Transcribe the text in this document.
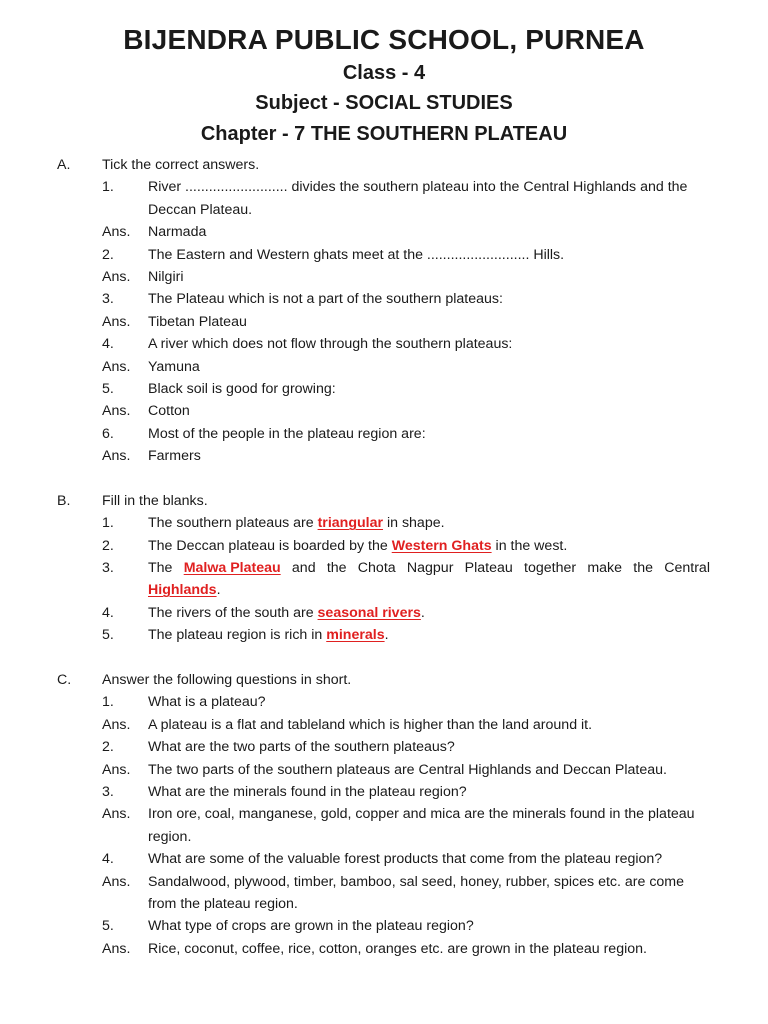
BIJENDRA PUBLIC SCHOOL, PURNEA
Class - 4
Subject - SOCIAL STUDIES
Chapter - 7 THE SOUTHERN PLATEAU
A. Tick the correct answers.
1. River .......................... divides the southern plateau into the Central Highlands and the
Deccan Plateau.
Ans. Narmada
2. The Eastern and Western ghats meet at the .......................... Hills.
Ans. Nilgiri
3. The Plateau which is not a part of the southern plateaus:
Ans. Tibetan Plateau
4. A river which does not flow through the southern plateaus:
Ans. Yamuna
5. Black soil is good for growing:
Ans. Cotton
6. Most of the people in the plateau region are:
Ans. Farmers
B. Fill in the blanks.
1. The southern plateaus are triangular in shape.
2. The Deccan plateau is boarded by the Western Ghats in the west.
3. The Malwa Plateau and the Chota Nagpur Plateau together make the Central
Highlands.
4. The rivers of the south are seasonal rivers.
5. The plateau region is rich in minerals.
C. Answer the following questions in short.
1. What is a plateau?
Ans. A plateau is a flat and tableland which is higher than the land around it.
2. What are the two parts of the southern plateaus?
Ans. The two parts of the southern plateaus are Central Highlands and Deccan Plateau.
3. What are the minerals found in the plateau region?
Ans. Iron ore, coal, manganese, gold, copper and mica are the minerals found in the plateau
region.
4. What are some of the valuable forest products that come from the plateau region?
Ans. Sandalwood, plywood, timber, bamboo, sal seed, honey, rubber, spices etc. are come
from the plateau region.
5. What type of crops are grown in the plateau region?
Ans. Rice, coconut, coffee, rice, cotton, oranges etc. are grown in the plateau region.
